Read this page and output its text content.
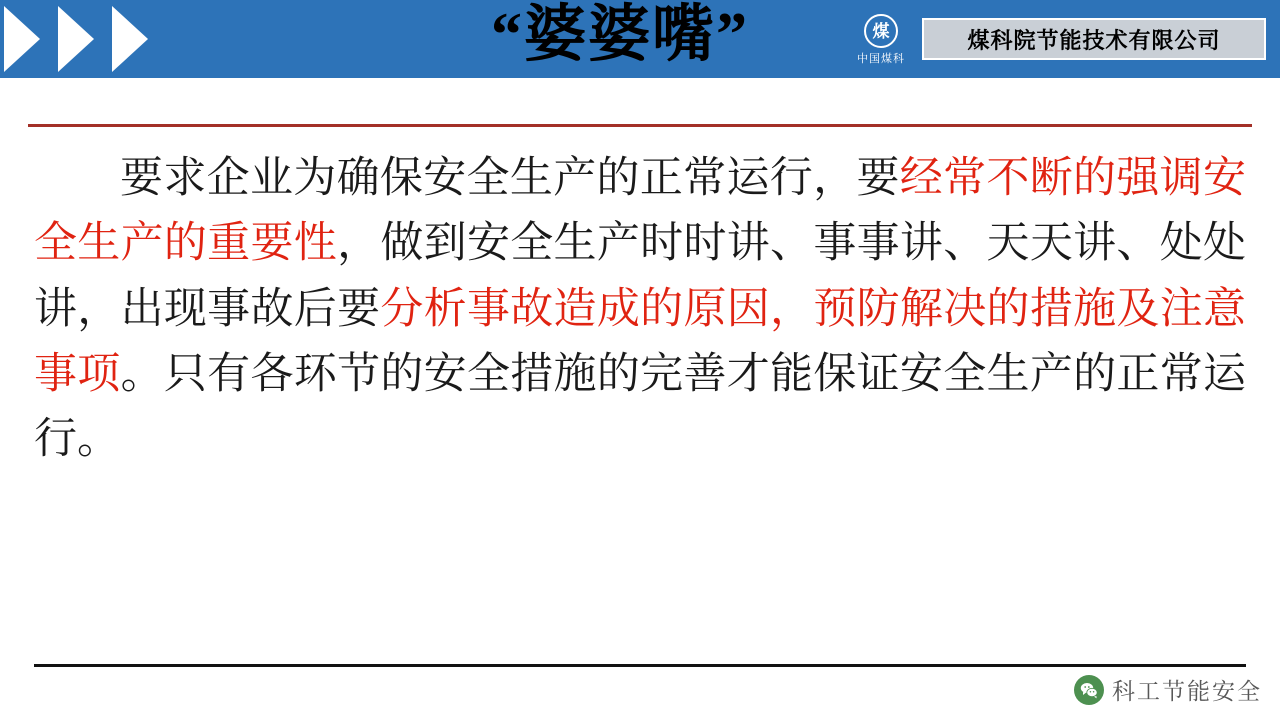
“婆婆嘴”	煤
中国煤科
煤科院节能技术有限公司
要求企业为确保安全生产的正常运行，要经常不断的强调安全生产的重要性，做到安全生产时时讲、事事讲、天天讲、处处讲，出现事故后要分析事故造成的原因，预防解决的措施及注意事项。只有各环节的安全措施的完善才能保证安全生产的正常运行。
科工节能安全
